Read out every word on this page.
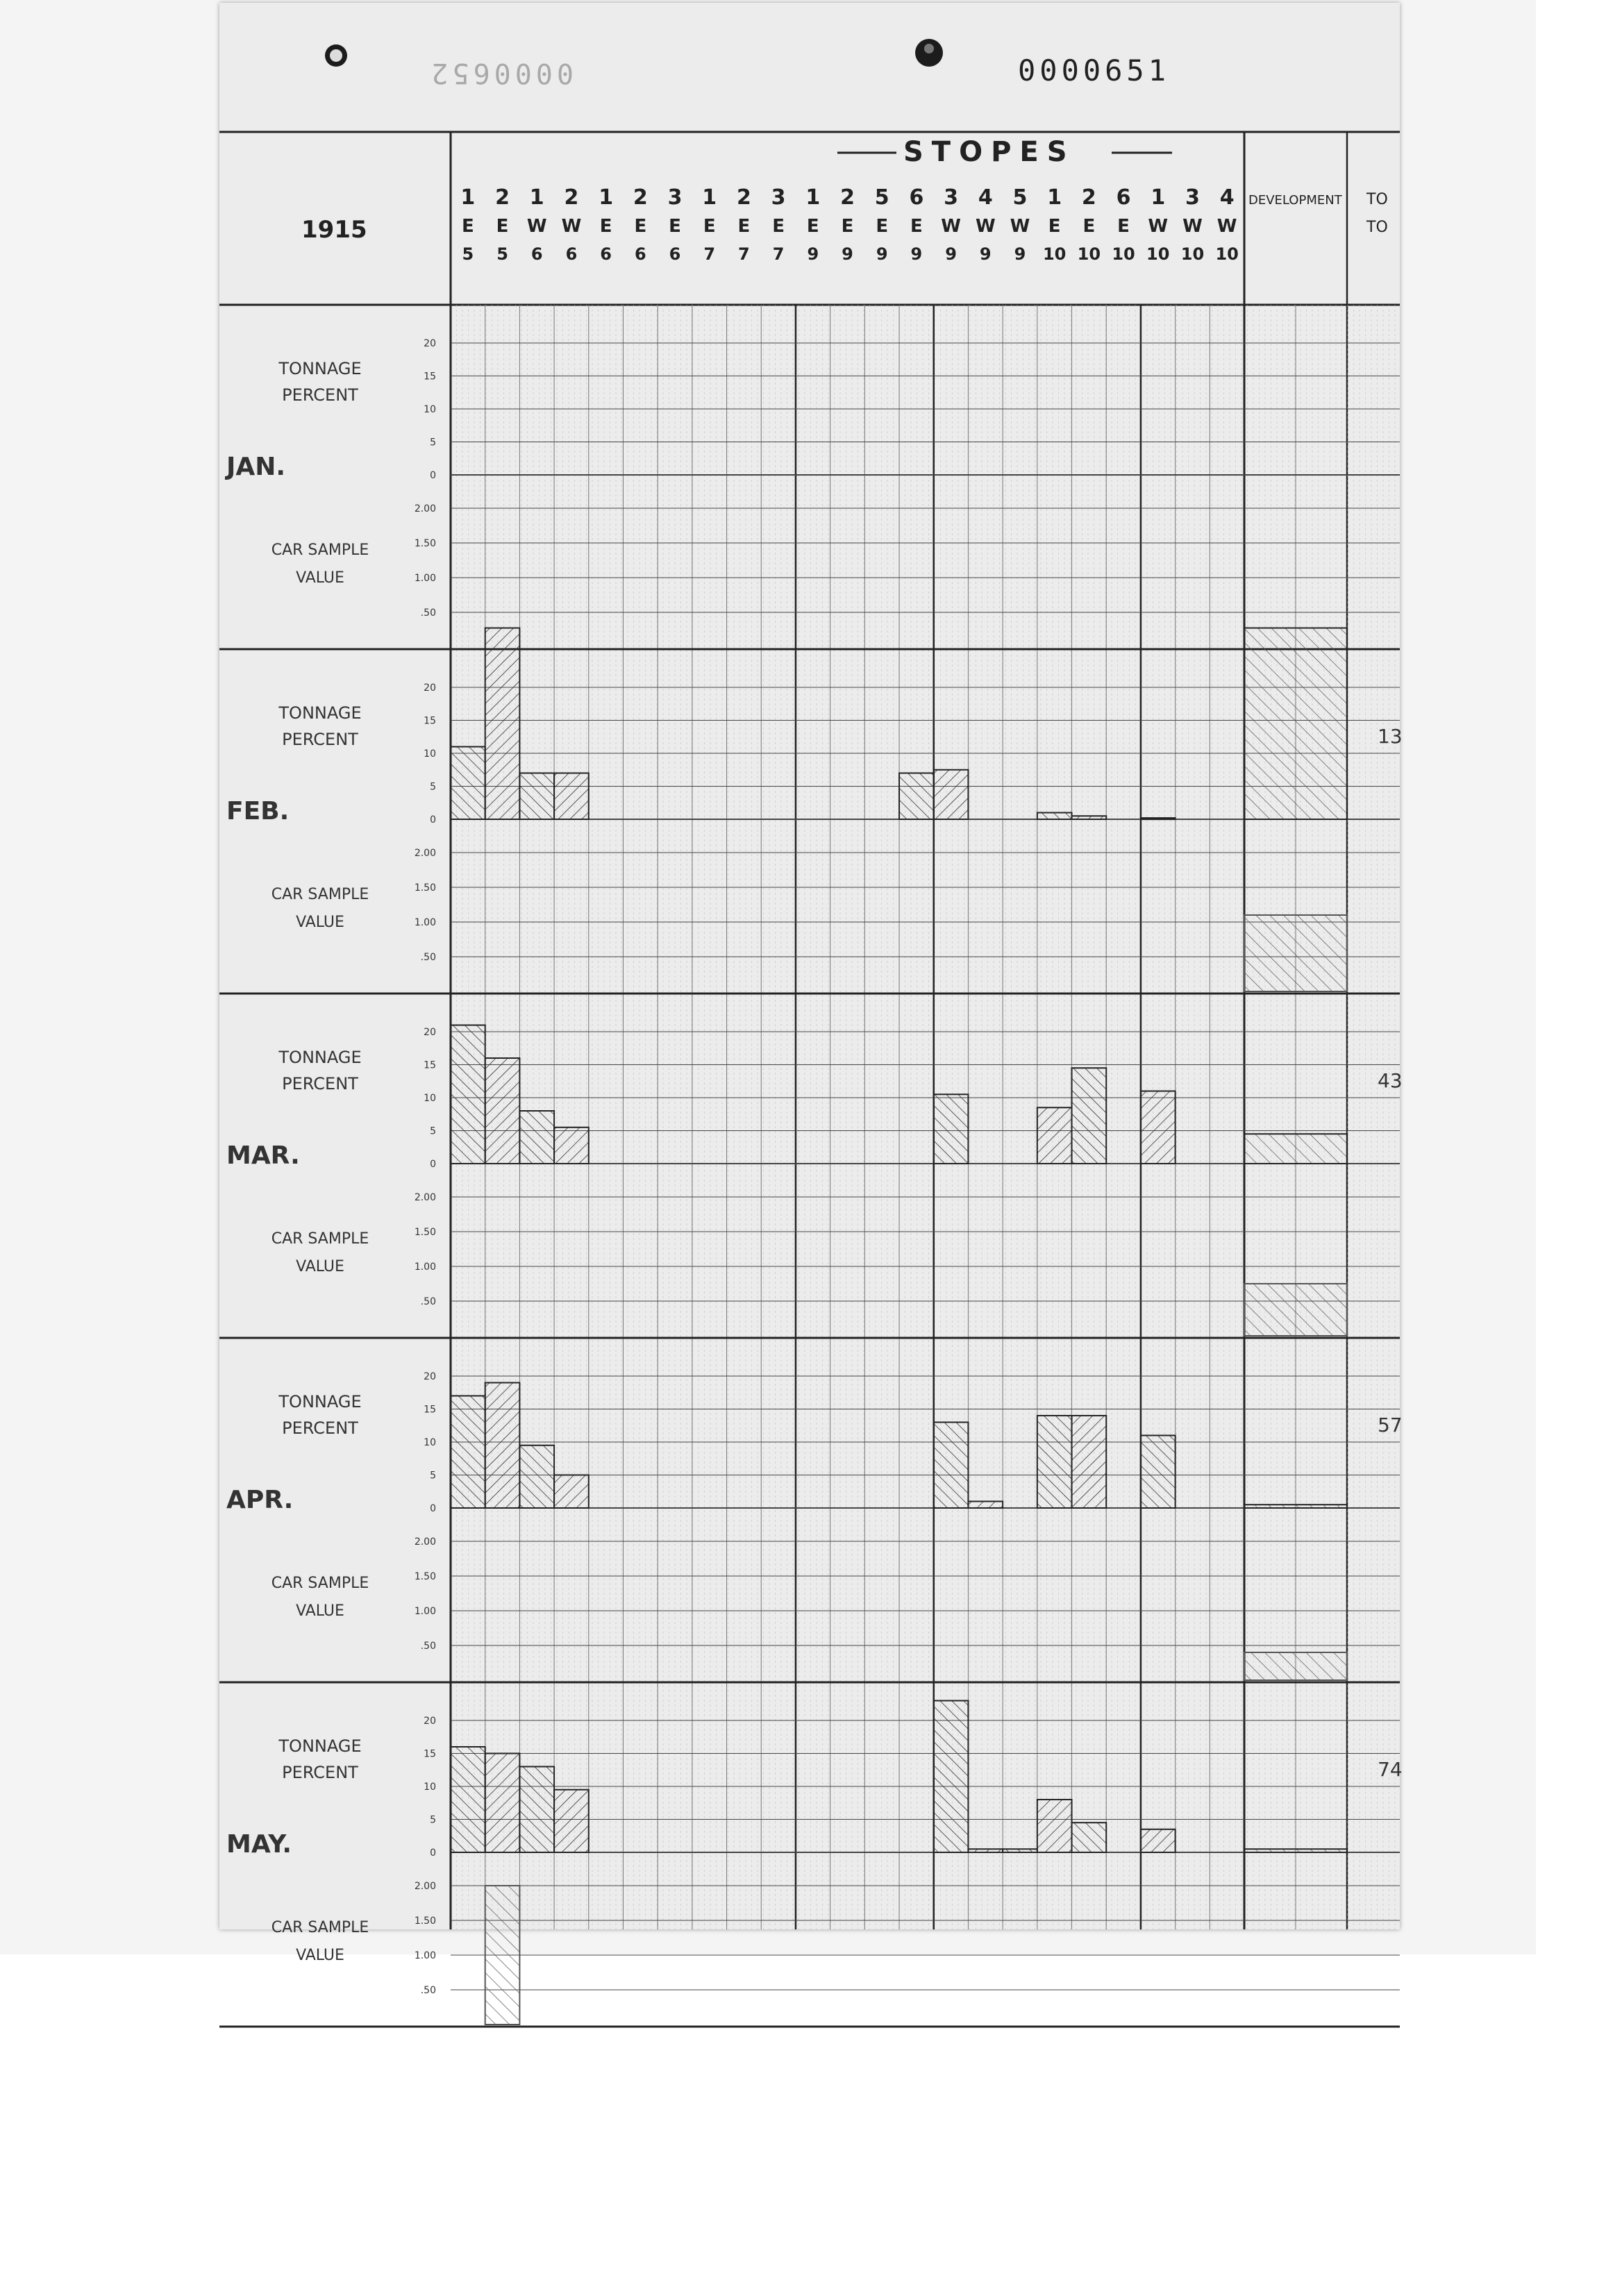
0000652	0000651
1915
STOPES
DEVELOPMENT TO
TO
1
E
5
2
E
5
1
W
6
2
W
6
1
E
6
2
E
6
3
E
6
1
E
7
2
E
7
3
E
7
1
E
9
2
E
9
5
E
9
6
E
9
3
W
9
4
W
9
5
W
9
1
E
10
2
E
10
6
E
10
1
W
10
3
W
10
4
W
10
20
15
10
5
0
2.00
1.50
1.00
.50
TONNAGE
PERCENT
CAR SAMPLE
VALUE
JAN.
20
15
10
5
0
2.00
1.50
1.00
.50
TONNAGE
PERCENT
CAR SAMPLE
VALUE
FEB.
13
20
15
10
5
0
2.00
1.50
1.00
.50
TONNAGE
PERCENT
CAR SAMPLE
VALUE
MAR.
43
20
15
10
5
0
2.00
1.50
1.00
.50
TONNAGE
PERCENT
CAR SAMPLE
VALUE
APR.
57
20
15
10
5
0
2.00
1.50
1.00
.50
TONNAGE
PERCENT
CAR SAMPLE
VALUE
MAY.
74
